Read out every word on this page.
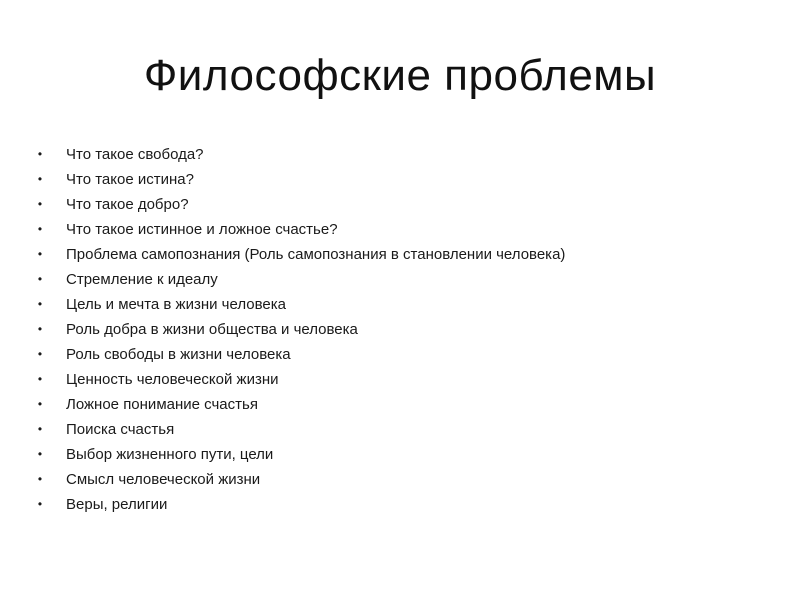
Философские проблемы
• Что такое свобода?
• Что такое истина?
• Что такое добро?
• Что такое истинное и ложное счастье?
• Проблема самопознания (Роль самопознания в становлении человека)
• Стремление к идеалу
• Цель и мечта в жизни человека
• Роль добра в жизни общества и человека
• Роль свободы в жизни человека
• Ценность человеческой жизни
• Ложное понимание счастья
• Поиска счастья
• Выбор жизненного пути, цели
• Смысл человеческой жизни
• Веры, религии
